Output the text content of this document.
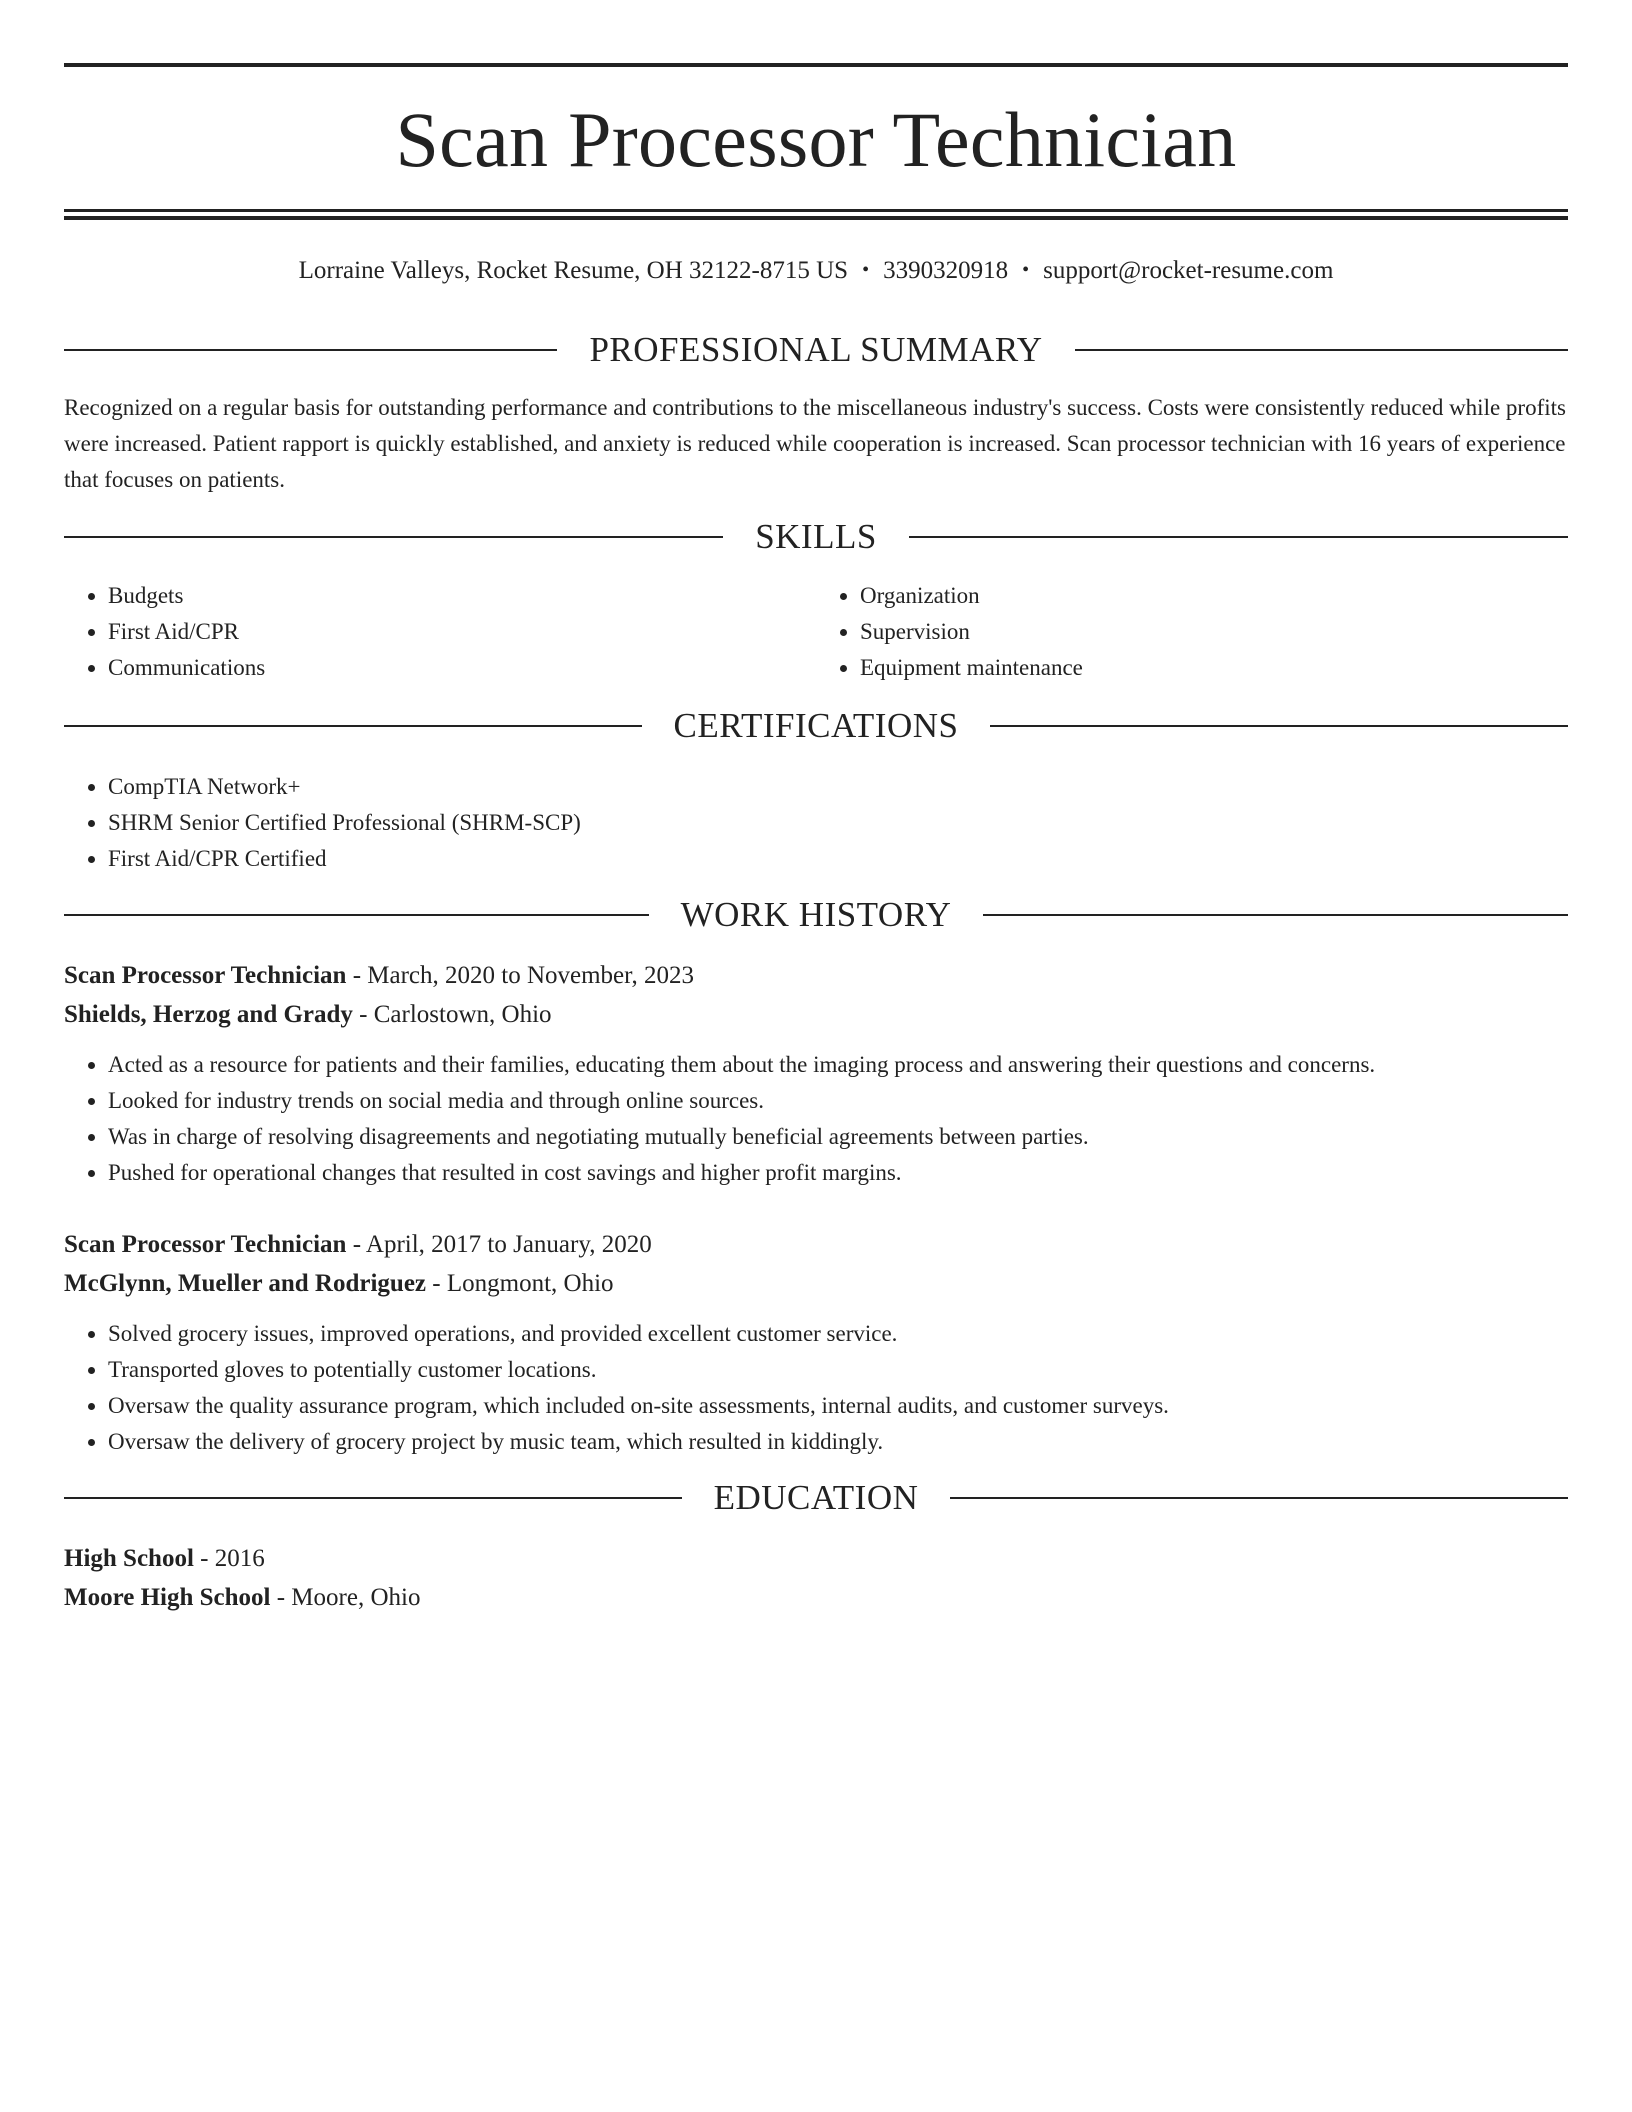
Scan Processor Technician
Lorraine Valleys, Rocket Resume, OH 32122-8715 US • 3390320918 • support@rocket-resume.com
PROFESSIONAL SUMMARY

Recognized on a regular basis for outstanding performance and contributions to the miscellaneous industry's success. Costs were consistently reduced while profits were increased. Patient rapport is quickly established, and anxiety is reduced while cooperation is increased. Scan processor technician with 16 years of experience that focuses on patients.

SKILLS
• Budgets
• First Aid/CPR
• Communications
• Organization
• Supervision
• Equipment maintenance
CERTIFICATIONS
• CompTIA Network+
• SHRM Senior Certified Professional (SHRM-SCP)
• First Aid/CPR Certified
WORK HISTORY
Scan Processor Technician - March, 2020 to November, 2023
Shields, Herzog and Grady - Carlostown, Ohio
• Acted as a resource for patients and their families, educating them about the imaging process and answering their questions and concerns.
• Looked for industry trends on social media and through online sources.
• Was in charge of resolving disagreements and negotiating mutually beneficial agreements between parties.
• Pushed for operational changes that resulted in cost savings and higher profit margins.
Scan Processor Technician - April, 2017 to January, 2020
McGlynn, Mueller and Rodriguez - Longmont, Ohio
• Solved grocery issues, improved operations, and provided excellent customer service.
• Transported gloves to potentially customer locations.
• Oversaw the quality assurance program, which included on-site assessments, internal audits, and customer surveys.
• Oversaw the delivery of grocery project by music team, which resulted in kiddingly.
EDUCATION
High School - 2016
Moore High School - Moore, Ohio
